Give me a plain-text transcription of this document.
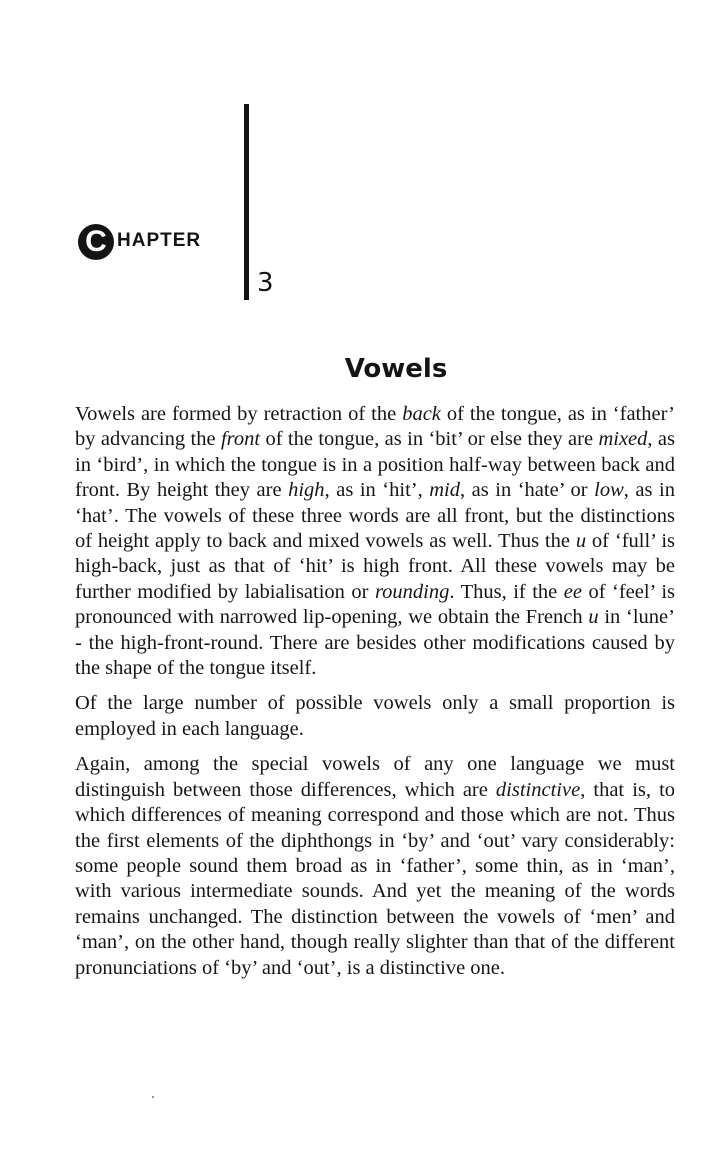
C HAPTER
3
Vowels

Vowels are formed by retraction of the back of the tongue, as in ‘father’ by advancing the front of the tongue, as in ‘bit’ or else they are mixed, as in ‘bird’, in which the tongue is in a position half-way between back and front. By height they are high, as in ‘hit’, mid, as in ‘hate’ or low, as in ‘hat’. The vowels of these three words are all front, but the distinctions of height apply to back and mixed vowels as well. Thus the u of ‘full’ is high-back, just as that of ‘hit’ is high front. All these vowels may be further modified by labialisation or rounding. Thus, if the ee of ‘feel’ is pronounced with narrowed lip-opening, we obtain the French u in ‘lune’ - the high-front-round. There are besides other modifications caused by the shape of the tongue itself.

Of the large number of possible vowels only a small proportion is employed in each language.

Again, among the special vowels of any one language we must distinguish between those differences, which are distinctive, that is, to which differences of meaning correspond and those which are not. Thus the first elements of the diphthongs in ‘by’ and ‘out’ vary considerably: some people sound them broad as in ‘father’, some thin, as in ‘man’, with various intermediate sounds. And yet the meaning of the words remains unchanged. The distinction between the vowels of ‘men’ and ‘man’, on the other hand, though really slighter than that of the different pronunciations of ‘by’ and ‘out’, is a distinctive one.
